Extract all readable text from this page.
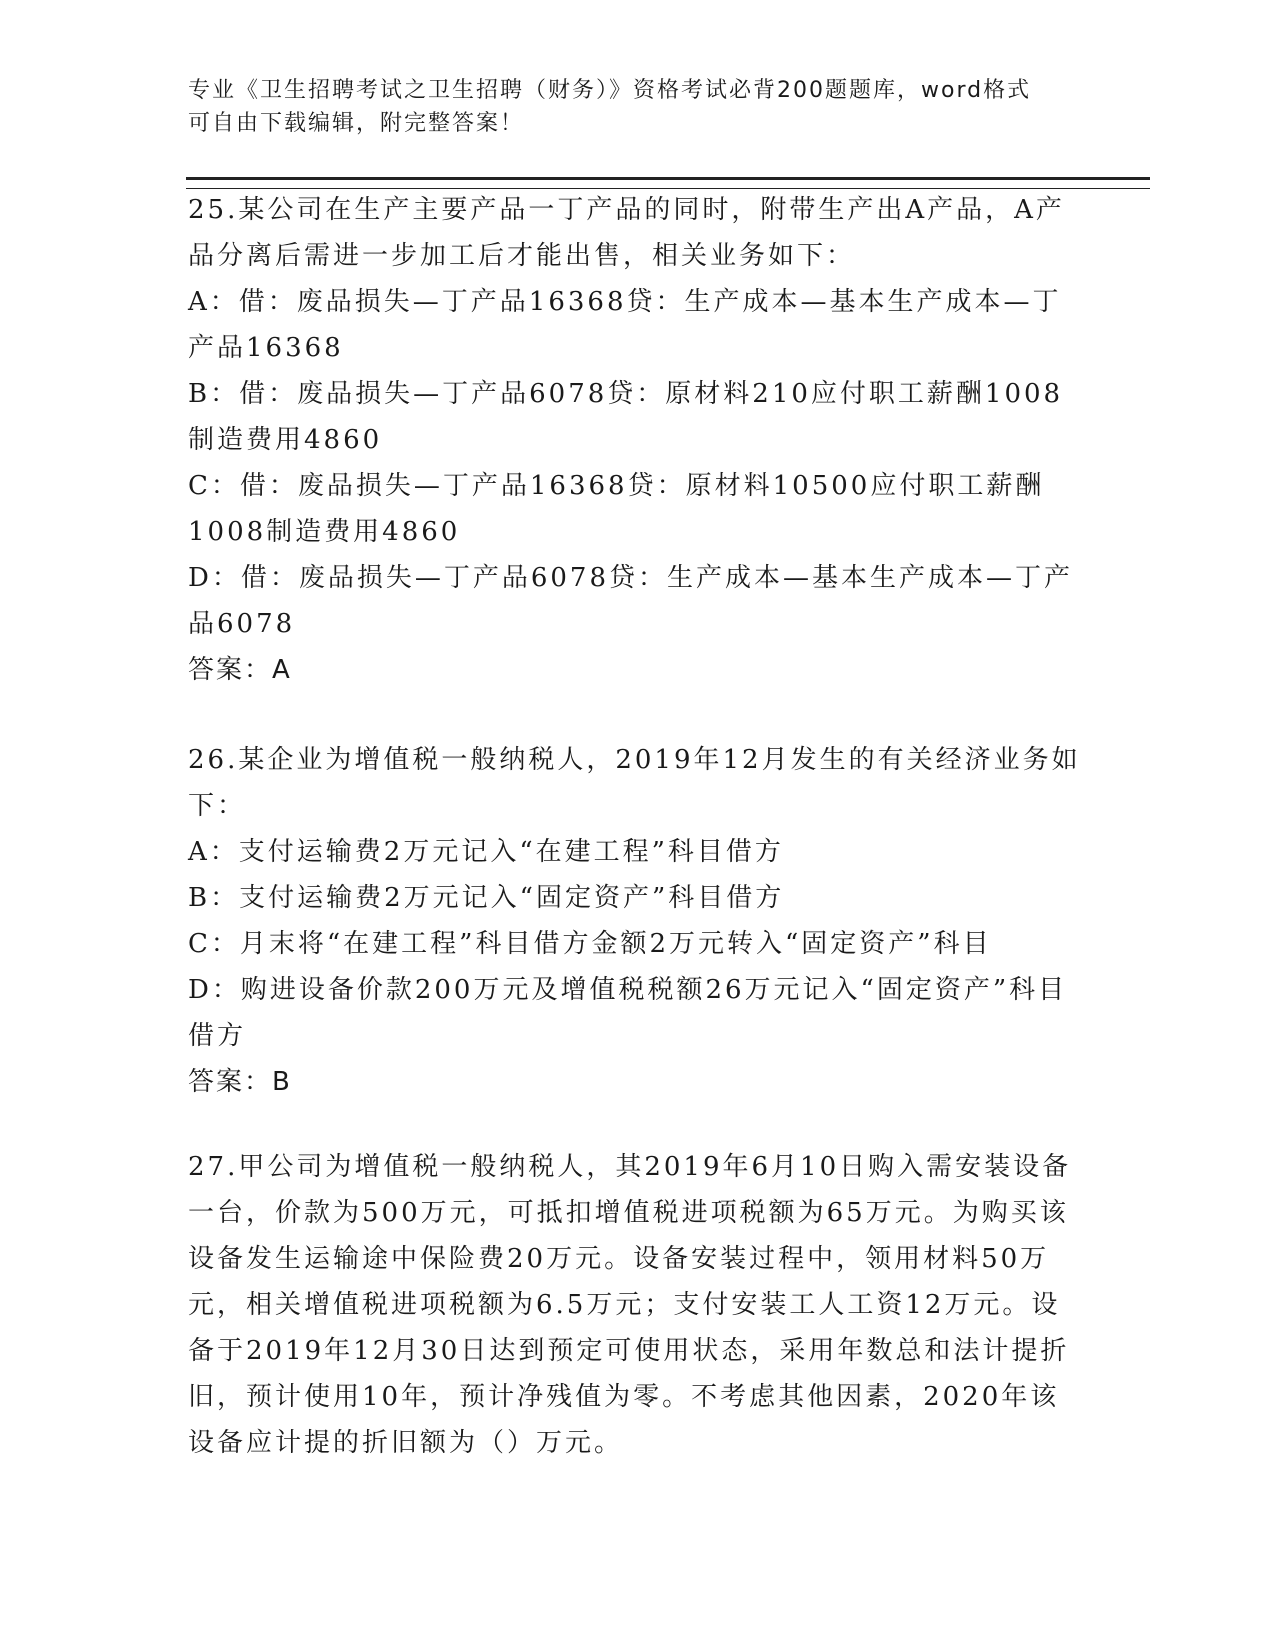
专业《卫生招聘考试之卫生招聘（财务）》资格考试必背200题题库，word格式
可自由下载编辑，附完整答案！

25.某公司在生产主要产品一丁产品的同时，附带生产出A产品，A产品分离后需进一步加工后才能出售，相关业务如下：

A：借：废品损失—丁产品16368贷：生产成本—基本生产成本—丁产品16368

B：借：废品损失—丁产品6078贷：原材料210应付职工薪酬1008制造费用4860

C：借：废品损失—丁产品16368贷：原材料10500应付职工薪酬1008制造费用4860

D：借：废品损失—丁产品6078贷：生产成本—基本生产成本—丁产品6078

答案：A

26.某企业为增值税一般纳税人，2019年12月发生的有关经济业务如下：

A：支付运输费2万元记入“在建工程”科目借方

B：支付运输费2万元记入“固定资产”科目借方

C：月末将“在建工程”科目借方金额2万元转入“固定资产”科目

D：购进设备价款200万元及增值税税额26万元记入“固定资产”科目借方

答案：B

27.甲公司为增值税一般纳税人，其2019年6月10日购入需安装设备一台，价款为500万元，可抵扣增值税进项税额为65万元。为购买该设备发生运输途中保险费20万元。设备安装过程中，领用材料50万元，相关增值税进项税额为6.5万元；支付安装工人工资12万元。设备于2019年12月30日达到预定可使用状态，采用年数总和法计提折旧，预计使用10年，预计净残值为零。不考虑其他因素，2020年该设备应计提的折旧额为（）万元。
